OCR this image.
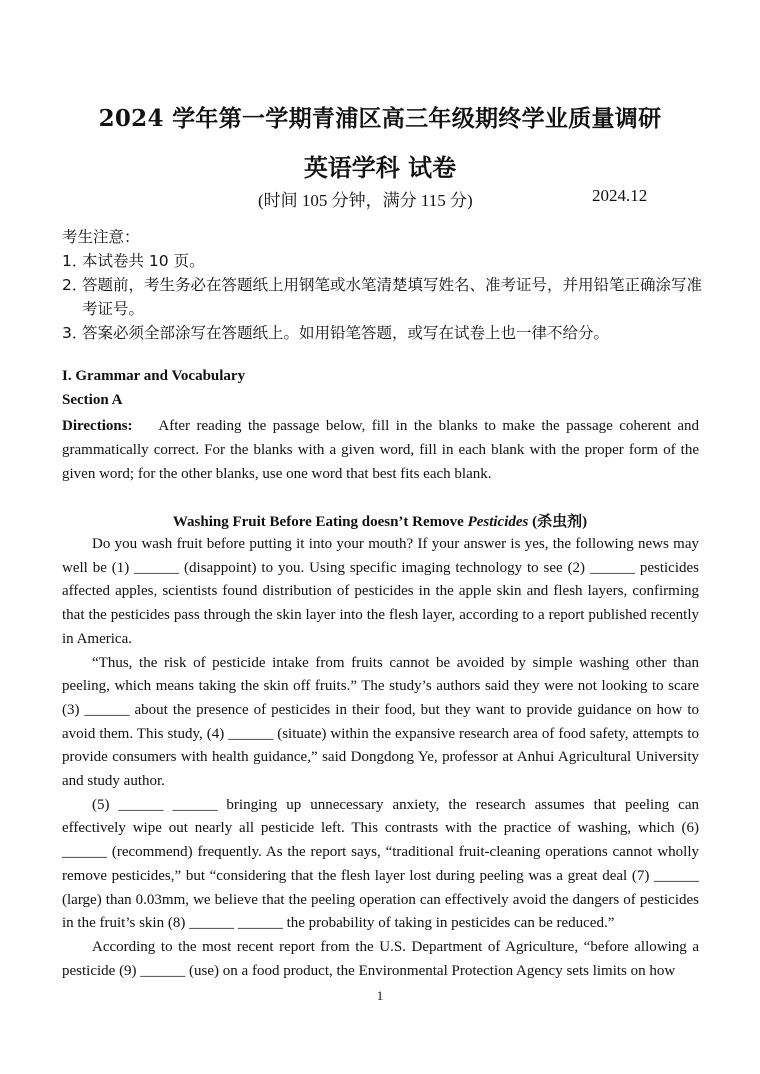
2024 学年第一学期青浦区高三年级期终学业质量调研
英语学科 试卷
(时间 105 分钟，满分 115 分)	2024.12
考生注意：
1．
本试卷共 10 页。
2．
答题前，考生务必在答题纸上用钢笔或水笔清楚填写姓名、准考证号，并用铅笔正确涂写准考证号。
3．
答案必须全部涂写在答题纸上。如用铅笔答题，或写在试卷上也一律不给分。
I. Grammar and Vocabulary
Section A
Directions: After reading the passage below, fill in the blanks to make the passage coherent and grammatically correct. For the blanks with a given word, fill in each blank with the proper form of the given word; for the other blanks, use one word that best fits each blank.
Washing Fruit Before Eating doesn’t Remove Pesticides (杀虫剂)

Do you wash fruit before putting it into your mouth? If your answer is yes, the following news may well be (1) ______ (disappoint) to you. Using specific imaging technology to see (2) ______ pesticides affected apples, scientists found distribution of pesticides in the apple skin and flesh layers, confirming that the pesticides pass through the skin layer into the flesh layer, according to a report published recently in America.

“Thus, the risk of pesticide intake from fruits cannot be avoided by simple washing other than peeling, which means taking the skin off fruits.” The study’s authors said they were not looking to scare (3) ______ about the presence of pesticides in their food, but they want to provide guidance on how to avoid them. This study, (4) ______ (situate) within the expansive research area of food safety, attempts to provide consumers with health guidance,” said Dongdong Ye, professor at Anhui Agricultural University and study author.

(5) ______ ______ bringing up unnecessary anxiety, the research assumes that peeling can effectively wipe out nearly all pesticide left. This contrasts with the practice of washing, which (6) ______ (recommend) frequently. As the report says, “traditional fruit-cleaning operations cannot wholly remove pesticides,” but “considering that the flesh layer lost during peeling was a great deal (7) ______ (large) than 0.03mm, we believe that the peeling operation can effectively avoid the dangers of pesticides in the fruit’s skin (8) ______ ______ the probability of taking in pesticides can be reduced.”

According to the most recent report from the U.S. Department of Agriculture, “before allowing a pesticide (9) ______ (use) on a food product, the Environmental Protection Agency sets limits on how

1
